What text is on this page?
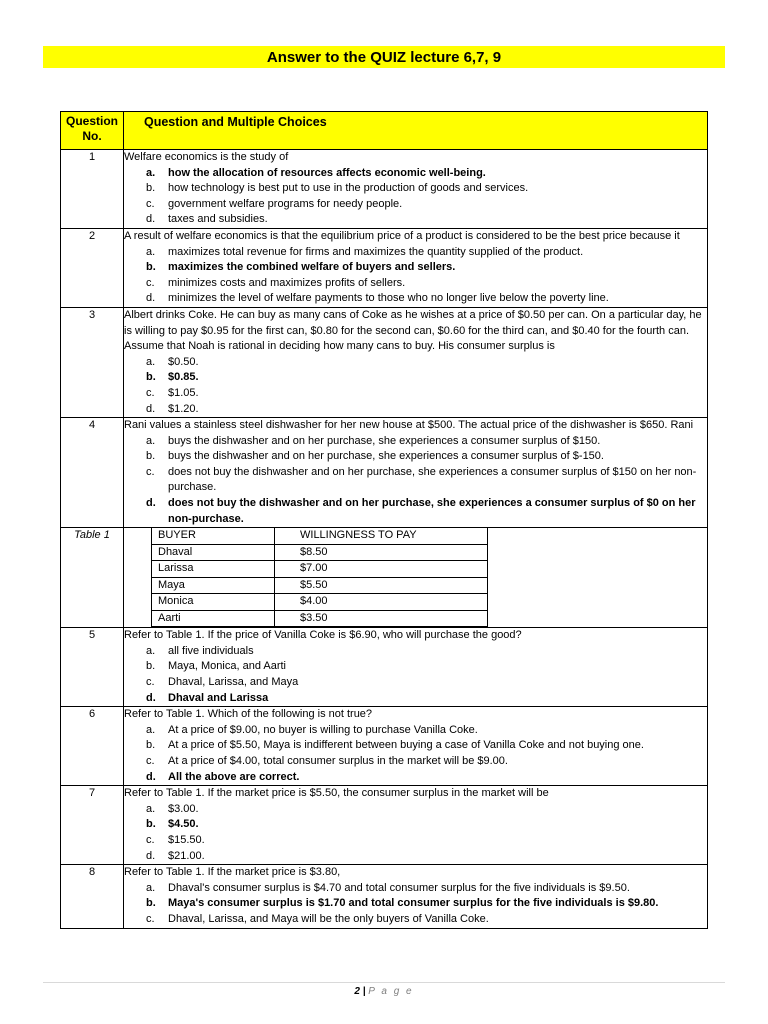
Answer to the QUIZ lecture 6,7, 9
Question No.	Question and Multiple Choices
1	Welfare economics is the study of
a.	how the allocation of resources affects economic well-being.
b.	how technology is best put to use in the production of goods and services.
c.	government welfare programs for needy people.
d.	taxes and subsidies.

2	A result of welfare economics is that the equilibrium price of a product is considered to be the best price because it
a.	maximizes total revenue for firms and maximizes the quantity supplied of the product.
b.	maximizes the combined welfare of buyers and sellers.
c.	minimizes costs and maximizes profits of sellers.
d.	minimizes the level of welfare payments to those who no longer live below the poverty line.

3	Albert drinks Coke. He can buy as many cans of Coke as he wishes at a price of $0.50 per can. On a particular day, he is willing to pay $0.95 for the first can, $0.80 for the second can, $0.60 for the third can, and $0.40 for the fourth can. Assume that Noah is rational in deciding how many cans to buy. His consumer surplus is
a.	$0.50.
b.	$0.85.
c.	$1.05.
d.	$1.20.

4	Rani values a stainless steel dishwasher for her new house at $500. The actual price of the dishwasher is $650. Rani
a.	buys the dishwasher and on her purchase, she experiences a consumer surplus of $150.
b.	buys the dishwasher and on her purchase, she experiences a consumer surplus of $-150.
c.	does not buy the dishwasher and on her purchase, she experiences a consumer surplus of $150 on her non-purchase.
d.	does not buy the dishwasher and on her purchase, she experiences a consumer surplus of $0 on her non-purchase.

Table 1		BUYER	WILLINGNESS TO PAY
Dhaval	$8.50
Larissa	$7.00
Maya	$5.50
Monica	$4.00
Aarti	$3.50

5	Refer to Table 1. If the price of Vanilla Coke is $6.90, who will purchase the good?
a.	all five individuals
b.	Maya, Monica, and Aarti
c.	Dhaval, Larissa, and Maya
d.	Dhaval and Larissa

6	Refer to Table 1. Which of the following is not true?
a.	At a price of $9.00, no buyer is willing to purchase Vanilla Coke.
b.	At a price of $5.50, Maya is indifferent between buying a case of Vanilla Coke and not buying one.
c.	At a price of $4.00, total consumer surplus in the market will be $9.00.
d.	All the above are correct.

7	Refer to Table 1. If the market price is $5.50, the consumer surplus in the market will be
a.	$3.00.
b.	$4.50.
c.	$15.50.
d.	$21.00.

8	Refer to Table 1. If the market price is $3.80,
a.	Dhaval's consumer surplus is $4.70 and total consumer surplus for the five individuals is $9.50.
b.	Maya's consumer surplus is $1.70 and total consumer surplus for the five individuals is $9.80.
c.	Dhaval, Larissa, and Maya will be the only buyers of Vanilla Coke.
2 | P a g e
